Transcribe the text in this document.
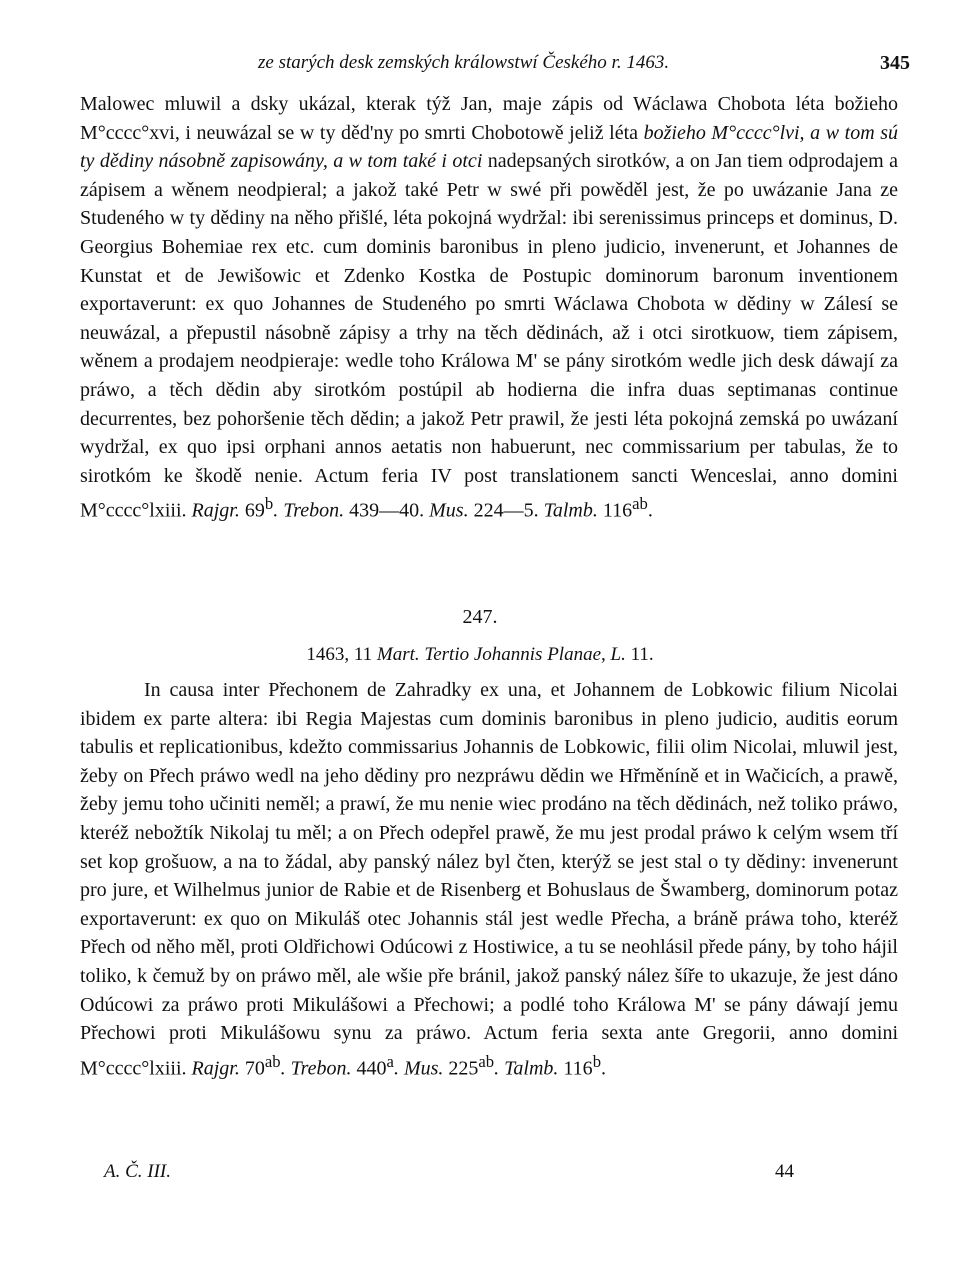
ze starých desk zemských králowstwí Českého r. 1463.	345

Malowec mluwil a dsky ukázal, kterak týž Jan, maje zápis od Wáclawa Chobota léta božieho M°cccc°xvi, i neuwázal se w ty děd'ny po smrti Chobotowě jeliž léta božieho M°cccc°lvi, a w tom sú ty dědiny násobně zapisowány, a w tom také i otci nadepsaných sirotków, a on Jan tiem odprodajem a zápisem a wěnem neodpieral; a jakož také Petr w swé při powěděl jest, že po uwázanie Jana ze Studeného w ty dědiny na něho přišlé, léta pokojná wydržal: ibi serenissimus princeps et dominus, D. Georgius Bohemiae rex etc. cum dominis baronibus in pleno judicio, invenerunt, et Johannes de Kunstat et de Jewišowic et Zdenko Kostka de Postupic dominorum baronum inventionem exportaverunt: ex quo Johannes de Studeného po smrti Wáclawa Chobota w dědiny w Zálesí se neuwázal, a přepustil násobně zápisy a trhy na těch dědinách, až i otci sirotkuow, tiem zápisem, wěnem a prodajem neodpieraje: wedle toho Králowa M' se pány sirotkóm wedle jich desk dáwají za práwo, a těch dědin aby sirotkóm postúpil ab hodierna die infra duas septimanas continue decurrentes, bez pohoršenie těch dědin; a jakož Petr prawil, že jesti léta pokojná zemská po uwázaní wydržal, ex quo ipsi orphani annos aetatis non habuerunt, nec commissarium per tabulas, že to sirotkóm ke škodě nenie. Actum feria IV post translationem sancti Wenceslai, anno domini M°cccc°lxiii. Rajgr. 69$^b$. Trebon. 439—40. Mus. 224—5. Talmb. $116^{ab}$.

247.
1463, 11 Mart. Tertio Johannis Planae, L. 11.

In causa inter Přechonem de Zahradky ex una, et Johannem de Lobkowic filium Nicolai ibidem ex parte altera: ibi Regia Majestas cum dominis baronibus in pleno judicio, auditis eorum tabulis et replicationibus, kdežto commissarius Johannis de Lobkowic, filii olim Nicolai, mluwil jest, žeby on Přech práwo wedl na jeho dědiny pro nezpráwu dědin we Hřměníně et in Wačicích, a prawě, žeby jemu toho učiniti neměl; a prawí, že mu nenie wiec prodáno na těch dědinách, než toliko práwo, kteréž nebožtík Nikolaj tu měl; a on Přech odepřel prawě, že mu jest prodal práwo k celým wsem tří set kop grošuow, a na to žádal, aby panský nález byl čten, kterýž se jest stal o ty dědiny: invenerunt pro jure, et Wilhelmus junior de Rabie et de Risenberg et Bohuslaus de Šwamberg, dominorum potaz exportaverunt: ex quo on Mikuláš otec Johannis stál jest wedle Přecha, a bráně práwa toho, kteréž Přech od něho měl, proti Oldřichowi Odúcowi z Hostiwice, a tu se neohlásil přede pány, by toho hájil toliko, k čemuž by on práwo měl, ale wšie pře bránil, jakož panský nález šíře to ukazuje, že jest dáno Odúcowi za práwo proti Mikulášowi a Přechowi; a podlé toho Králowa M' se pány dáwají jemu Přechowi proti Mikulášowu synu za práwo. Actum feria sexta ante Gregorii, anno domini M°cccc°lxiii. Rajgr. $70^{ab}$. Trebon. 440$^a$. Mus. $225^{ab}$. Talmb. 116$^b$.

A. Č. III.	44
